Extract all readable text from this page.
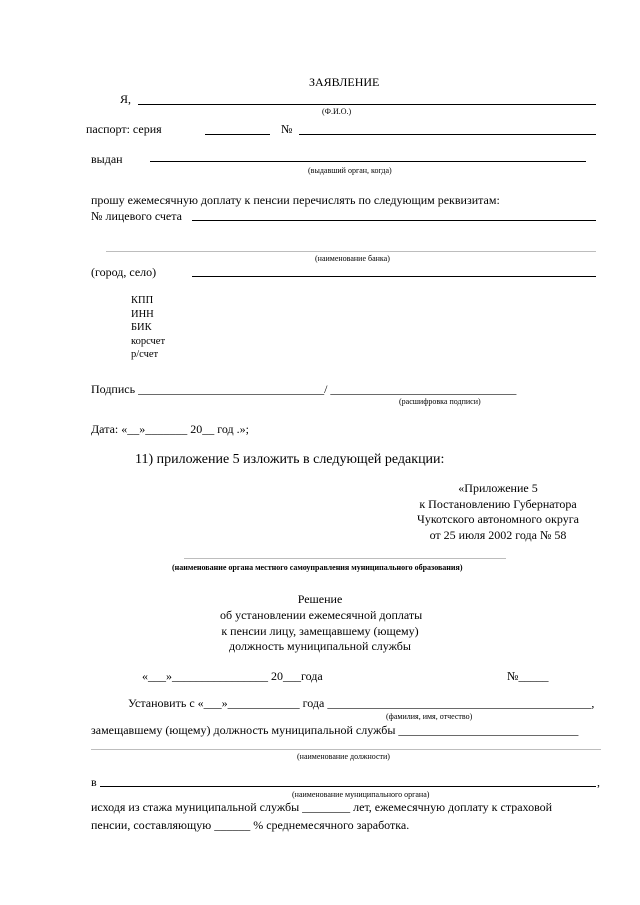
ЗАЯВЛЕНИЕ
Я,
(Ф.И.О.)
паспорт: серия	№
выдан
(выдавший орган, когда)
прошу ежемесячную доплату к пенсии перечислять по следующим реквизитам:
№ лицевого счета
(наименование банка)
(город, село)
КПП
ИНН
БИК
корсчет
р/счет
Подпись _______________________________/ _______________________________
(расшифровка подписи)
Дата: «__»_______ 20__ год .»;
11) приложение 5 изложить в следующей редакции:
«Приложение 5
к Постановлению Губернатора
Чукотского автономного округа
от 25 июля 2002 года № 58
(наименование органа местного самоуправления муниципального образования)
Решение
об установлении ежемесячной доплаты
к пенсии лицу, замещавшему (ющему)
должность муниципальной службы
«___»________________ 20___года	№_____
Установить с «___»____________ года ____________________________________________,
(фамилия, имя, отчество)
замещавшему (ющему) должность муниципальной службы ______________________________
(наименование должности)
в	,
(наименование муниципального органа)
исходя из стажа муниципальной службы ________ лет, ежемесячную доплату к страховой
пенсии, составляющую ______ % среднемесячного заработка.
